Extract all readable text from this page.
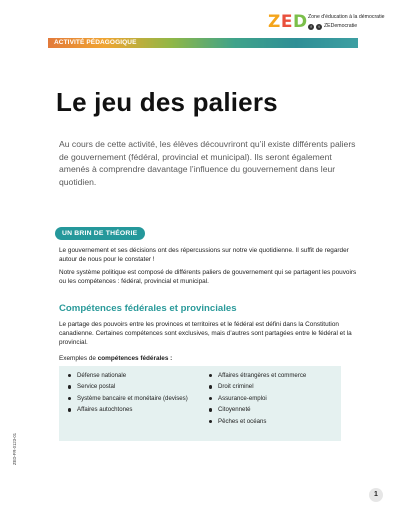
ZED Zone d'éducation à la démocratie
f	t ZEDemocratie
ACTIVITÉ PÉDAGOGIQUE
Le jeu des paliers

Au cours de cette activité, les élèves découvriront qu’il existe différents paliers de gouvernement (fédéral, provincial et municipal). Ils seront également amenés à comprendre davantage l’influence du gouvernement dans leur quotidien.

UN BRIN DE THÉORIE

Le gouvernement et ses décisions ont des répercussions sur notre vie quotidienne. Il suffit de regarder autour de nous pour le constater !

Notre système politique est composé de différents paliers de gouvernement qui se partagent les pouvoirs ou les compétences : fédéral, provincial et municipal.

Compétences fédérales et provinciales

Le partage des pouvoirs entre les provinces et territoires et le fédéral est défini dans la Constitution canadienne. Certaines compétences sont exclusives, mais d’autres sont partagées entre le fédéral et la provincial.

Exemples de compétences fédérales :

Défense nationale
Service postal
Système bancaire et monétaire (devises)
Affaires autochtones
Affaires étrangères et commerce
Droit criminel
Assurance-emploi
Citoyenneté
Pêches et océans
ZED-FR-0123-01
1
